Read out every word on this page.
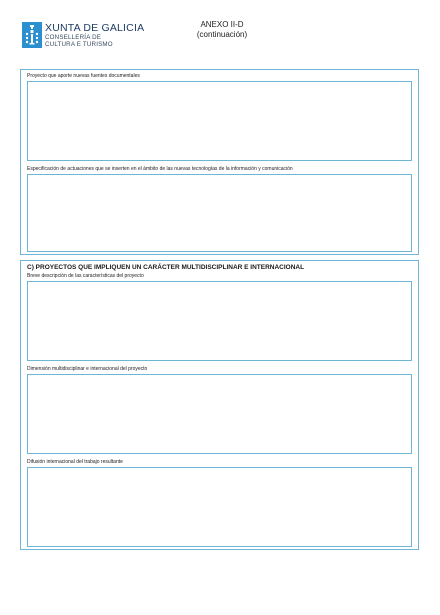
XUNTA DE GALICIA
CONSELLERÍA DE
CULTURA E TURISMO
ANEXO II-D
(continuación)
Proyecto que aporte nuevas fuentes documentales
Especificación de actuaciones que se inserten en el ámbito de las nuevas tecnologías de la información y comunicación
C) PROYECTOS QUE IMPLIQUEN UN CARÁCTER MULTIDISCIPLINAR E INTERNACIONAL
Breve descripción de las características del proyecto
Dimensión multidisciplinar e internacional del proyecto
Difusión internacional del trabajo resultante
